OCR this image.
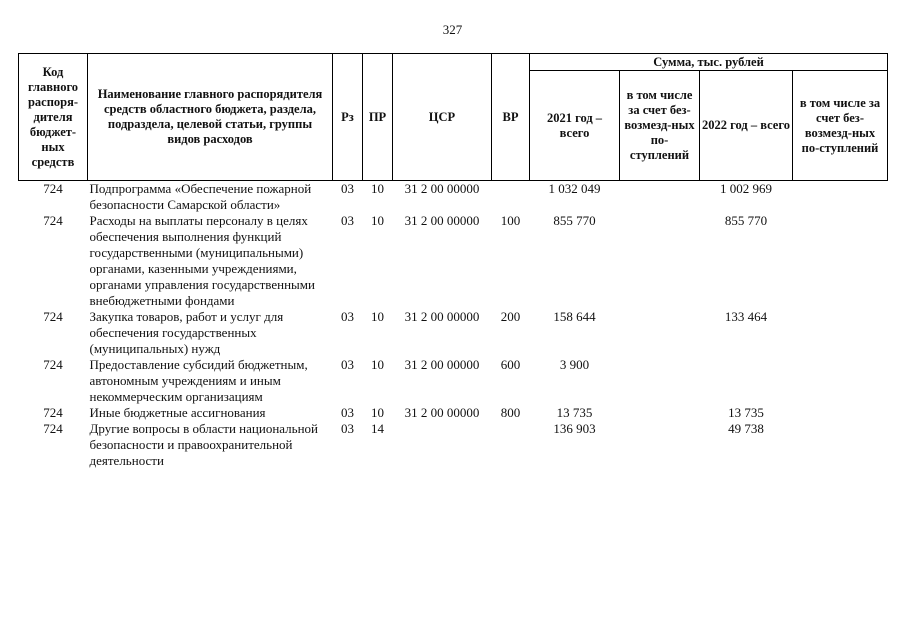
327
Код главного распоря-дителя бюджет-ных средств	Наименование главного распорядителя средств областного бюджета, раздела, подраздела, целевой статьи, группы видов расходов	Рз	ПР	ЦСР	ВР	Сумма, тыс. рублей			
						2021 год – всего	в том числе за счет без-возмезд-ных по-ступлений	2022 год – всего	в том числе за счет без-возмезд-ных по-ступлений
724	Подпрограмма «Обеспечение пожарной безопасности Самарской области»	03	10	31 2 00 00000		1 032 049		1 002 969	
724	Расходы на выплаты персоналу в целях обеспечения выполнения функций государственными (муниципальными) органами, казенными учреждениями, органами управления государственными внебюджетными фондами	03	10	31 2 00 00000	100	855 770		855 770	
724	Закупка товаров, работ и услуг для обеспечения государственных (муниципальных) нужд	03	10	31 2 00 00000	200	158 644		133 464	
724	Предоставление субсидий бюджетным, автономным учреждениям и иным некоммерческим организациям	03	10	31 2 00 00000	600	3 900			
724	Иные бюджетные ассигнования	03	10	31 2 00 00000	800	13 735		13 735	
724	Другие вопросы в области национальной безопасности и правоохранительной деятельности	03	14			136 903		49 738	
